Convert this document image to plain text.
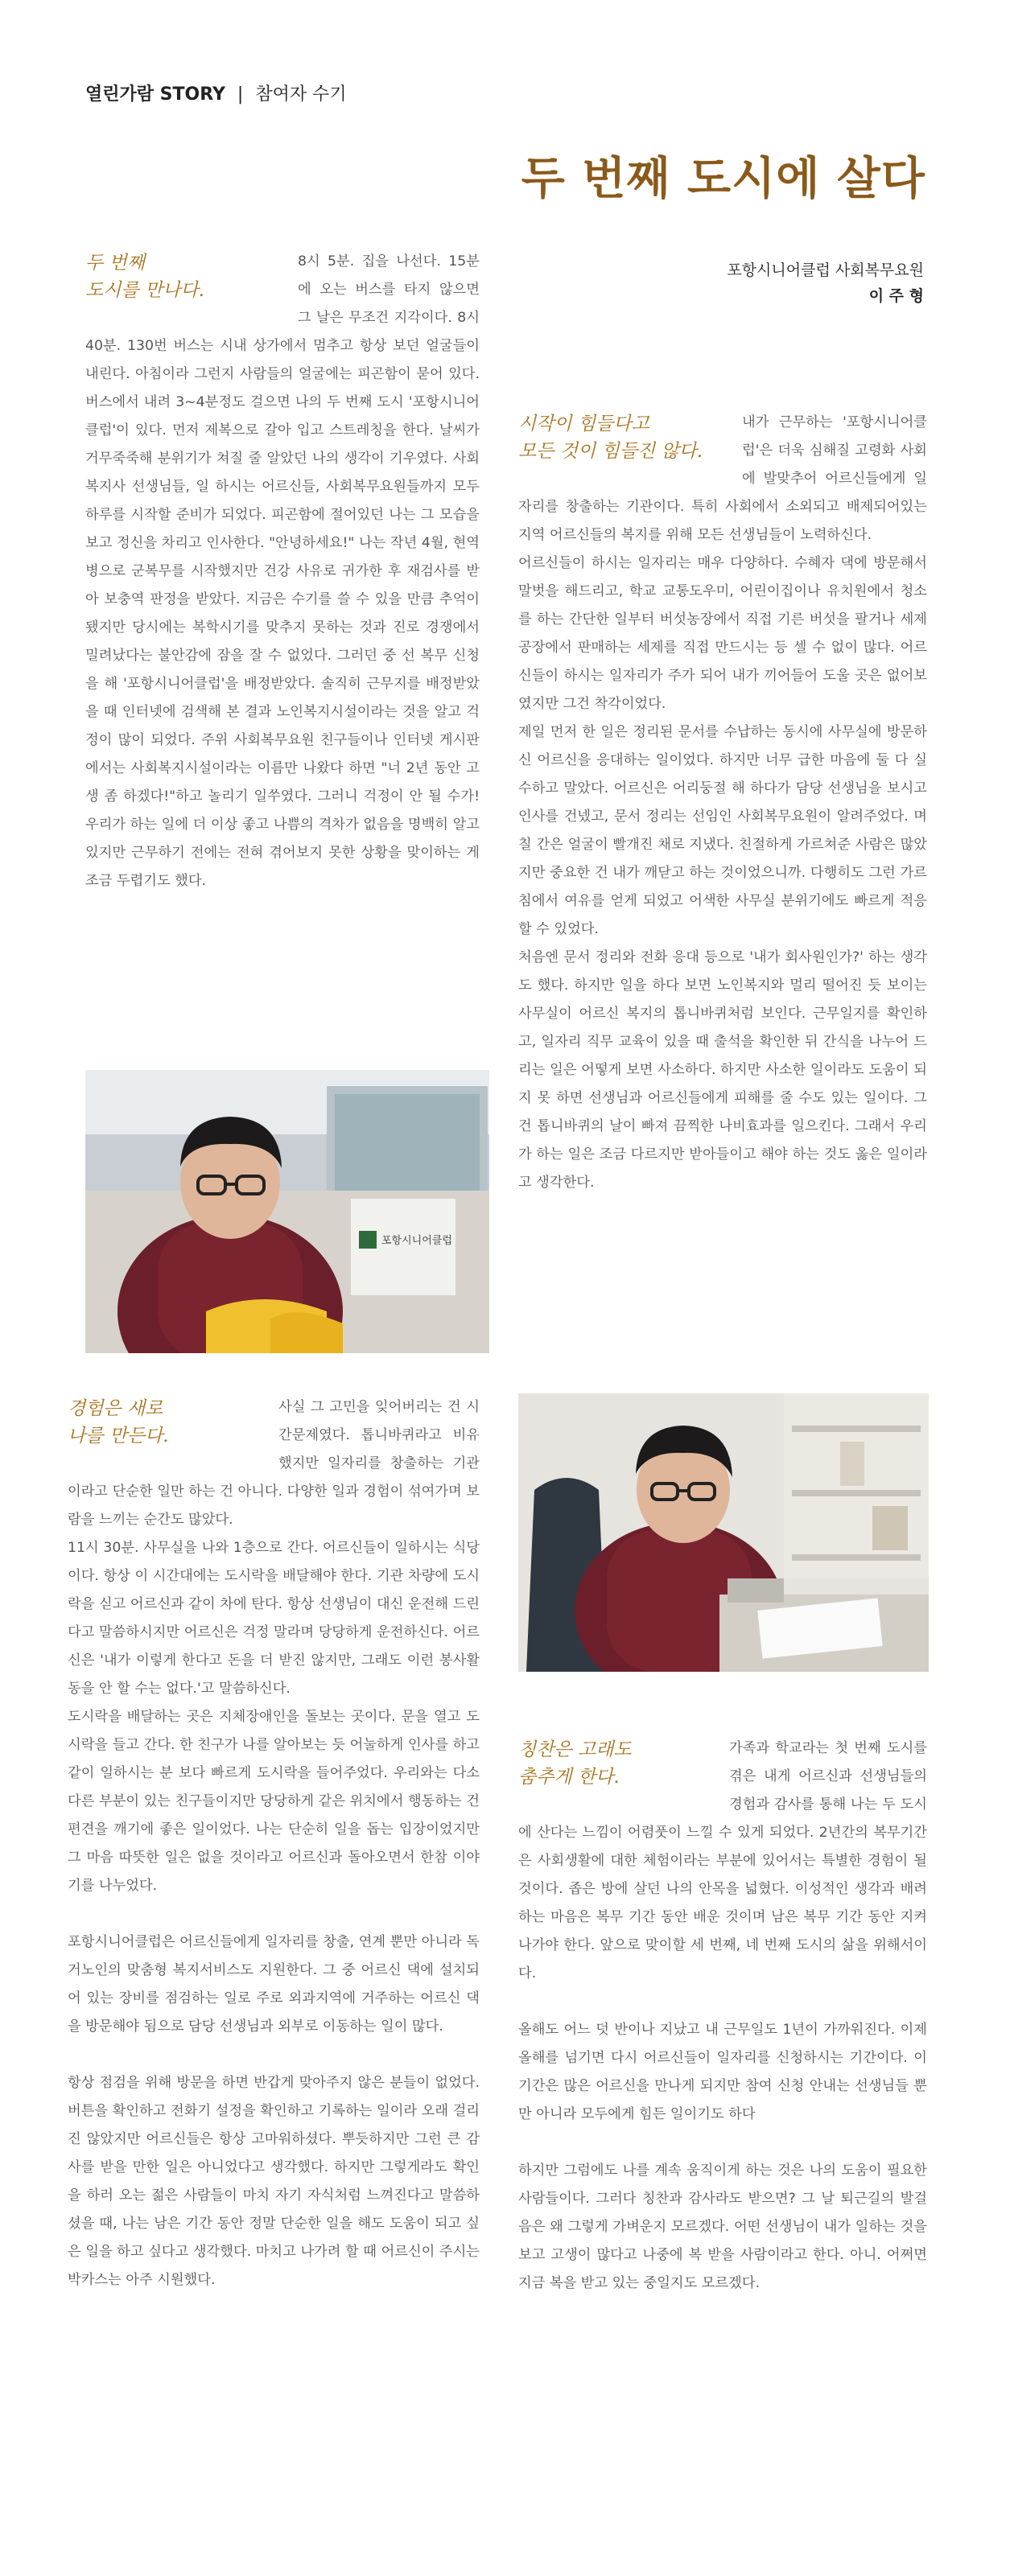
열린가람 STORY | 참여자 수기
두 번째 도시에 살다
포항시니어클럽 사회복무요원
이 주 형
두 번째
도시를 만나다.

8시 5분. 집을 나선다. 15분에 오는 버스를 타지 않으면 그 날은 무조건 지각이다. 8시 40분. 130번 버스는 시내 상가에서 멈추고 항상 보던 얼굴들이 내린다. 아침이라 그런지 사람들의 얼굴에는 피곤함이 묻어 있다. 버스에서 내려 3~4분정도 걸으면 나의 두 번째 도시 '포항시니어클럽'이 있다. 먼저 제복으로 갈아 입고 스트레칭을 한다. 날씨가 거무죽죽해 분위기가 쳐질 줄 알았던 나의 생각이 기우였다. 사회복지사 선생님들, 일 하시는 어르신들, 사회복무요원들까지 모두 하루를 시작할 준비가 되었다. 피곤함에 절어있던 나는 그 모습을 보고 정신을 차리고 인사한다. "안녕하세요!" 나는 작년 4월, 현역병으로 군복무를 시작했지만 건강 사유로 귀가한 후 재검사를 받아 보충역 판정을 받았다. 지금은 수기를 쓸 수 있을 만큼 추억이 됐지만 당시에는 복학시기를 맞추지 못하는 것과 진로 경쟁에서 밀려났다는 불안감에 잠을 잘 수 없었다. 그러던 중 선 복무 신청을 해 '포항시니어클럽'을 배정받았다. 솔직히 근무지를 배정받았을 때 인터넷에 검색해 본 결과 노인복지시설이라는 것을 알고 걱정이 많이 되었다. 주위 사회복무요원 친구들이나 인터넷 게시판에서는 사회복지시설이라는 이름만 나왔다 하면 "너 2년 동안 고생 좀 하겠다!"하고 놀리기 일쑤였다. 그러니 걱정이 안 될 수가! 우리가 하는 일에 더 이상 좋고 나쁨의 격차가 없음을 명백히 알고 있지만 근무하기 전에는 전혀 겪어보지 못한 상황을 맞이하는 게 조금 두렵기도 했다.

포항시니어클럽
시작이 힘들다고
모든 것이 힘들진 않다.

내가 근무하는 '포항시니어클럽'은 더욱 심해질 고령화 사회에 발맞추어 어르신들에게 일자리를 창출하는 기관이다. 특히 사회에서 소외되고 배제되어있는 지역 어르신들의 복지를 위해 모든 선생님들이 노력하신다.

어르신들이 하시는 일자리는 매우 다양하다. 수혜자 댁에 방문해서 말벗을 해드리고, 학교 교통도우미, 어린이집이나 유치원에서 청소를 하는 간단한 일부터 버섯농장에서 직접 기른 버섯을 팔거나 세제공장에서 판매하는 세제를 직접 만드시는 등 셀 수 없이 많다. 어르신들이 하시는 일자리가 주가 되어 내가 끼어들어 도울 곳은 없어보였지만 그건 착각이었다.

제일 먼저 한 일은 정리된 문서를 수납하는 동시에 사무실에 방문하신 어르신을 응대하는 일이었다. 하지만 너무 급한 마음에 둘 다 실수하고 말았다. 어르신은 어리둥절 해 하다가 담당 선생님을 보시고 인사를 건넸고, 문서 정리는 선임인 사회복무요원이 알려주었다. 며칠 간은 얼굴이 빨개진 채로 지냈다. 친절하게 가르쳐준 사람은 많았지만 중요한 건 내가 깨닫고 하는 것이었으니까. 다행히도 그런 가르침에서 여유를 얻게 되었고 어색한 사무실 분위기에도 빠르게 적응할 수 있었다.

처음엔 문서 정리와 전화 응대 등으로 '내가 회사원인가?' 하는 생각도 했다. 하지만 일을 하다 보면 노인복지와 멀리 떨어진 듯 보이는 사무실이 어르신 복지의 톱니바퀴처럼 보인다. 근무일지를 확인하고, 일자리 직무 교육이 있을 때 출석을 확인한 뒤 간식을 나누어 드리는 일은 어떻게 보면 사소하다. 하지만 사소한 일이라도 도움이 되지 못 하면 선생님과 어르신들에게 피해를 줄 수도 있는 일이다. 그건 톱니바퀴의 날이 빠져 끔찍한 나비효과를 일으킨다. 그래서 우리가 하는 일은 조금 다르지만 받아들이고 해야 하는 것도 옳은 일이라고 생각한다.

경험은 새로
나를 만든다.

사실 그 고민을 잊어버리는 건 시간문제였다. 톱니바퀴라고 비유했지만 일자리를 창출하는 기관이라고 단순한 일만 하는 건 아니다. 다양한 일과 경험이 섞여가며 보람을 느끼는 순간도 많았다.

11시 30분. 사무실을 나와 1층으로 간다. 어르신들이 일하시는 식당이다. 항상 이 시간대에는 도시락을 배달해야 한다. 기관 차량에 도시락을 싣고 어르신과 같이 차에 탄다. 항상 선생님이 대신 운전해 드린다고 말씀하시지만 어르신은 걱정 말라며 당당하게 운전하신다. 어르신은 '내가 이렇게 한다고 돈을 더 받진 않지만, 그래도 이런 봉사활동을 안 할 수는 없다.'고 말씀하신다.

도시락을 배달하는 곳은 지체장애인을 돌보는 곳이다. 문을 열고 도시락을 들고 간다. 한 친구가 나를 알아보는 듯 어눌하게 인사를 하고 같이 일하시는 분 보다 빠르게 도시락을 들어주었다. 우리와는 다소 다른 부분이 있는 친구들이지만 당당하게 같은 위치에서 행동하는 건 편견을 깨기에 좋은 일이었다. 나는 단순히 일을 돕는 입장이었지만 그 마음 따뜻한 일은 없을 것이라고 어르신과 돌아오면서 한참 이야기를 나누었다.

포항시니어클럽은 어르신들에게 일자리를 창출, 연계 뿐만 아니라 독거노인의 맞춤형 복지서비스도 지원한다. 그 중 어르신 댁에 설치되어 있는 장비를 점검하는 일로 주로 외과지역에 거주하는 어르신 댁을 방문해야 됨으로 담당 선생님과 외부로 이동하는 일이 많다.

항상 점검을 위해 방문을 하면 반갑게 맞아주지 않은 분들이 없었다. 버튼을 확인하고 전화기 설정을 확인하고 기록하는 일이라 오래 걸리진 않았지만 어르신들은 항상 고마워하셨다. 뿌듯하지만 그런 큰 감사를 받을 만한 일은 아니었다고 생각했다. 하지만 그렇게라도 확인을 하러 오는 젊은 사람들이 마치 자기 자식처럼 느껴진다고 말씀하셨을 때, 나는 남은 기간 동안 정말 단순한 일을 해도 도움이 되고 싶은 일을 하고 싶다고 생각했다. 마치고 나가려 할 때 어르신이 주시는 박카스는 아주 시원했다.

칭찬은 고래도
춤추게 한다.

가족과 학교라는 첫 번째 도시를 겪은 내게 어르신과 선생님들의 경험과 감사를 통해 나는 두 도시에 산다는 느낌이 어렴풋이 느낄 수 있게 되었다. 2년간의 복무기간은 사회생활에 대한 체험이라는 부분에 있어서는 특별한 경험이 될 것이다. 좁은 방에 살던 나의 안목을 넓혔다. 이성적인 생각과 배려하는 마음은 복무 기간 동안 배운 것이며 남은 복무 기간 동안 지켜나가야 한다. 앞으로 맞이할 세 번째, 네 번째 도시의 삶을 위해서이다.

올해도 어느 덧 반이나 지났고 내 근무일도 1년이 가까워진다. 이제 올해를 넘기면 다시 어르신들이 일자리를 신청하시는 기간이다. 이 기간은 많은 어르신을 만나게 되지만 참여 신청 안내는 선생님들 뿐만 아니라 모두에게 힘든 일이기도 하다

하지만 그럼에도 나를 계속 움직이게 하는 것은 나의 도움이 필요한 사람들이다. 그러다 칭찬과 감사라도 받으면? 그 날 퇴근길의 발걸음은 왜 그렇게 가벼운지 모르겠다. 어떤 선생님이 내가 일하는 것을 보고 고생이 많다고 나중에 복 받을 사람이라고 한다. 아니. 어쩌면 지금 복을 받고 있는 중일지도 모르겠다.
